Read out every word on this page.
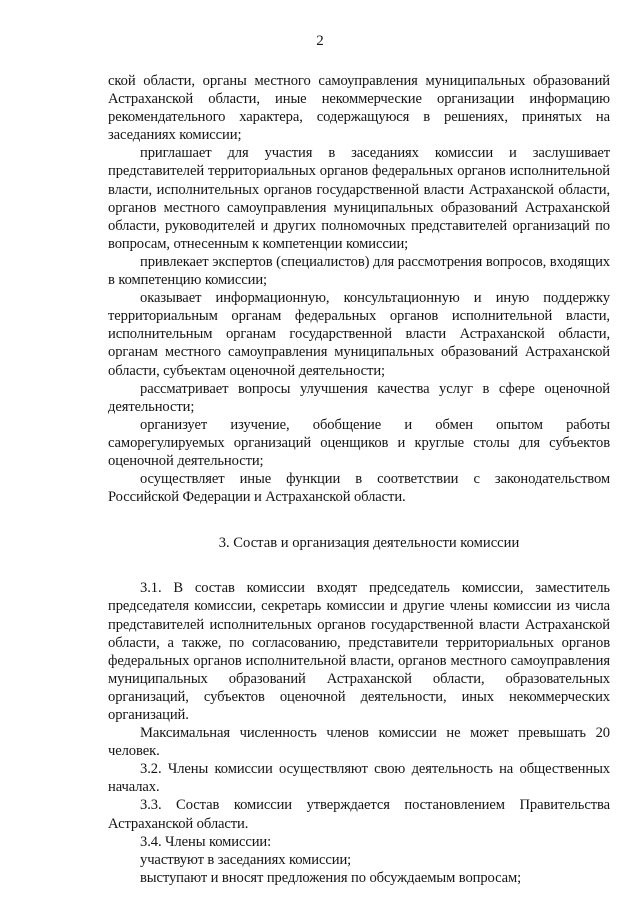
2

ской области, органы местного самоуправления муниципальных образований Астраханской области, иные некоммерческие организации информацию рекомендательного характера, содержащуюся в решениях, принятых на заседаниях комиссии;

приглашает для участия в заседаниях комиссии и заслушивает представителей территориальных органов федеральных органов исполнительной власти, исполнительных органов государственной власти Астраханской области, органов местного самоуправления муниципальных образований Астраханской области, руководителей и других полномочных представителей организаций по вопросам, отнесенным к компетенции комиссии;

привлекает экспертов (специалистов) для рассмотрения вопросов, входящих в компетенцию комиссии;

оказывает информационную, консультационную и иную поддержку территориальным органам федеральных органов исполнительной власти, исполнительным органам государственной власти Астраханской области, органам местного самоуправления муниципальных образований Астраханской области, субъектам оценочной деятельности;

рассматривает вопросы улучшения качества услуг в сфере оценочной деятельности;

организует изучение, обобщение и обмен опытом работы саморегулируемых организаций оценщиков и круглые столы для субъектов оценочной деятельности;

осуществляет иные функции в соответствии с законодательством Российской Федерации и Астраханской области.

3. Состав и организация деятельности комиссии

3.1. В состав комиссии входят председатель комиссии, заместитель председателя комиссии, секретарь комиссии и другие члены комиссии из числа представителей исполнительных органов государственной власти Астраханской области, а также, по согласованию, представители территориальных органов федеральных органов исполнительной власти, органов местного самоуправления муниципальных образований Астраханской области, образовательных организаций, субъектов оценочной деятельности, иных некоммерческих организаций.

Максимальная численность членов комиссии не может превышать 20 человек.

3.2. Члены комиссии осуществляют свою деятельность на общественных началах.

3.3. Состав комиссии утверждается постановлением Правительства Астраханской области.

3.4. Члены комиссии:

участвуют в заседаниях комиссии;

выступают и вносят предложения по обсуждаемым вопросам;
